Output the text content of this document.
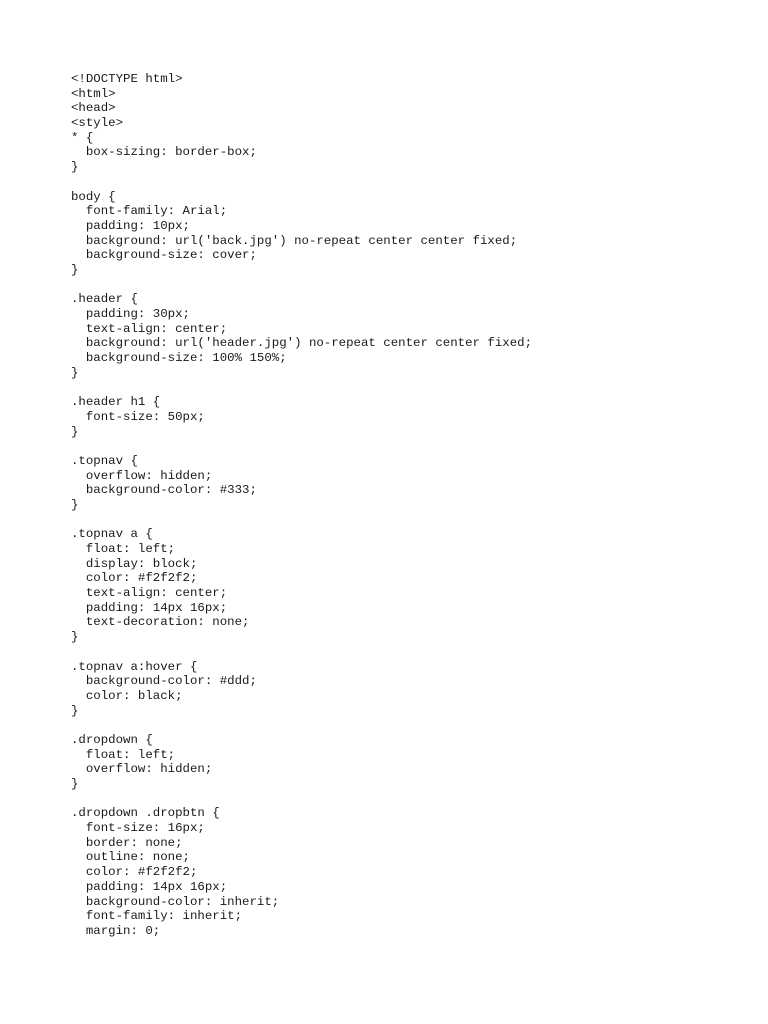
<!DOCTYPE html>
<html>
<head>
<style>
* {
box-sizing: border-box;
}
body {
font-family: Arial;
padding: 10px;
background: url('back.jpg') no-repeat center center fixed;
background-size: cover;
}
.header {
padding: 30px;
text-align: center;
background: url('header.jpg') no-repeat center center fixed;
background-size: 100% 150%;
}
.header h1 {
font-size: 50px;
}
.topnav {
overflow: hidden;
background-color: #333;
}
.topnav a {
float: left;
display: block;
color: #f2f2f2;
text-align: center;
padding: 14px 16px;
text-decoration: none;
}
.topnav a:hover {
background-color: #ddd;
color: black;
}
.dropdown {
float: left;
overflow: hidden;
}
.dropdown .dropbtn {
font-size: 16px;
border: none;
outline: none;
color: #f2f2f2;
padding: 14px 16px;
background-color: inherit;
font-family: inherit;
margin: 0;
